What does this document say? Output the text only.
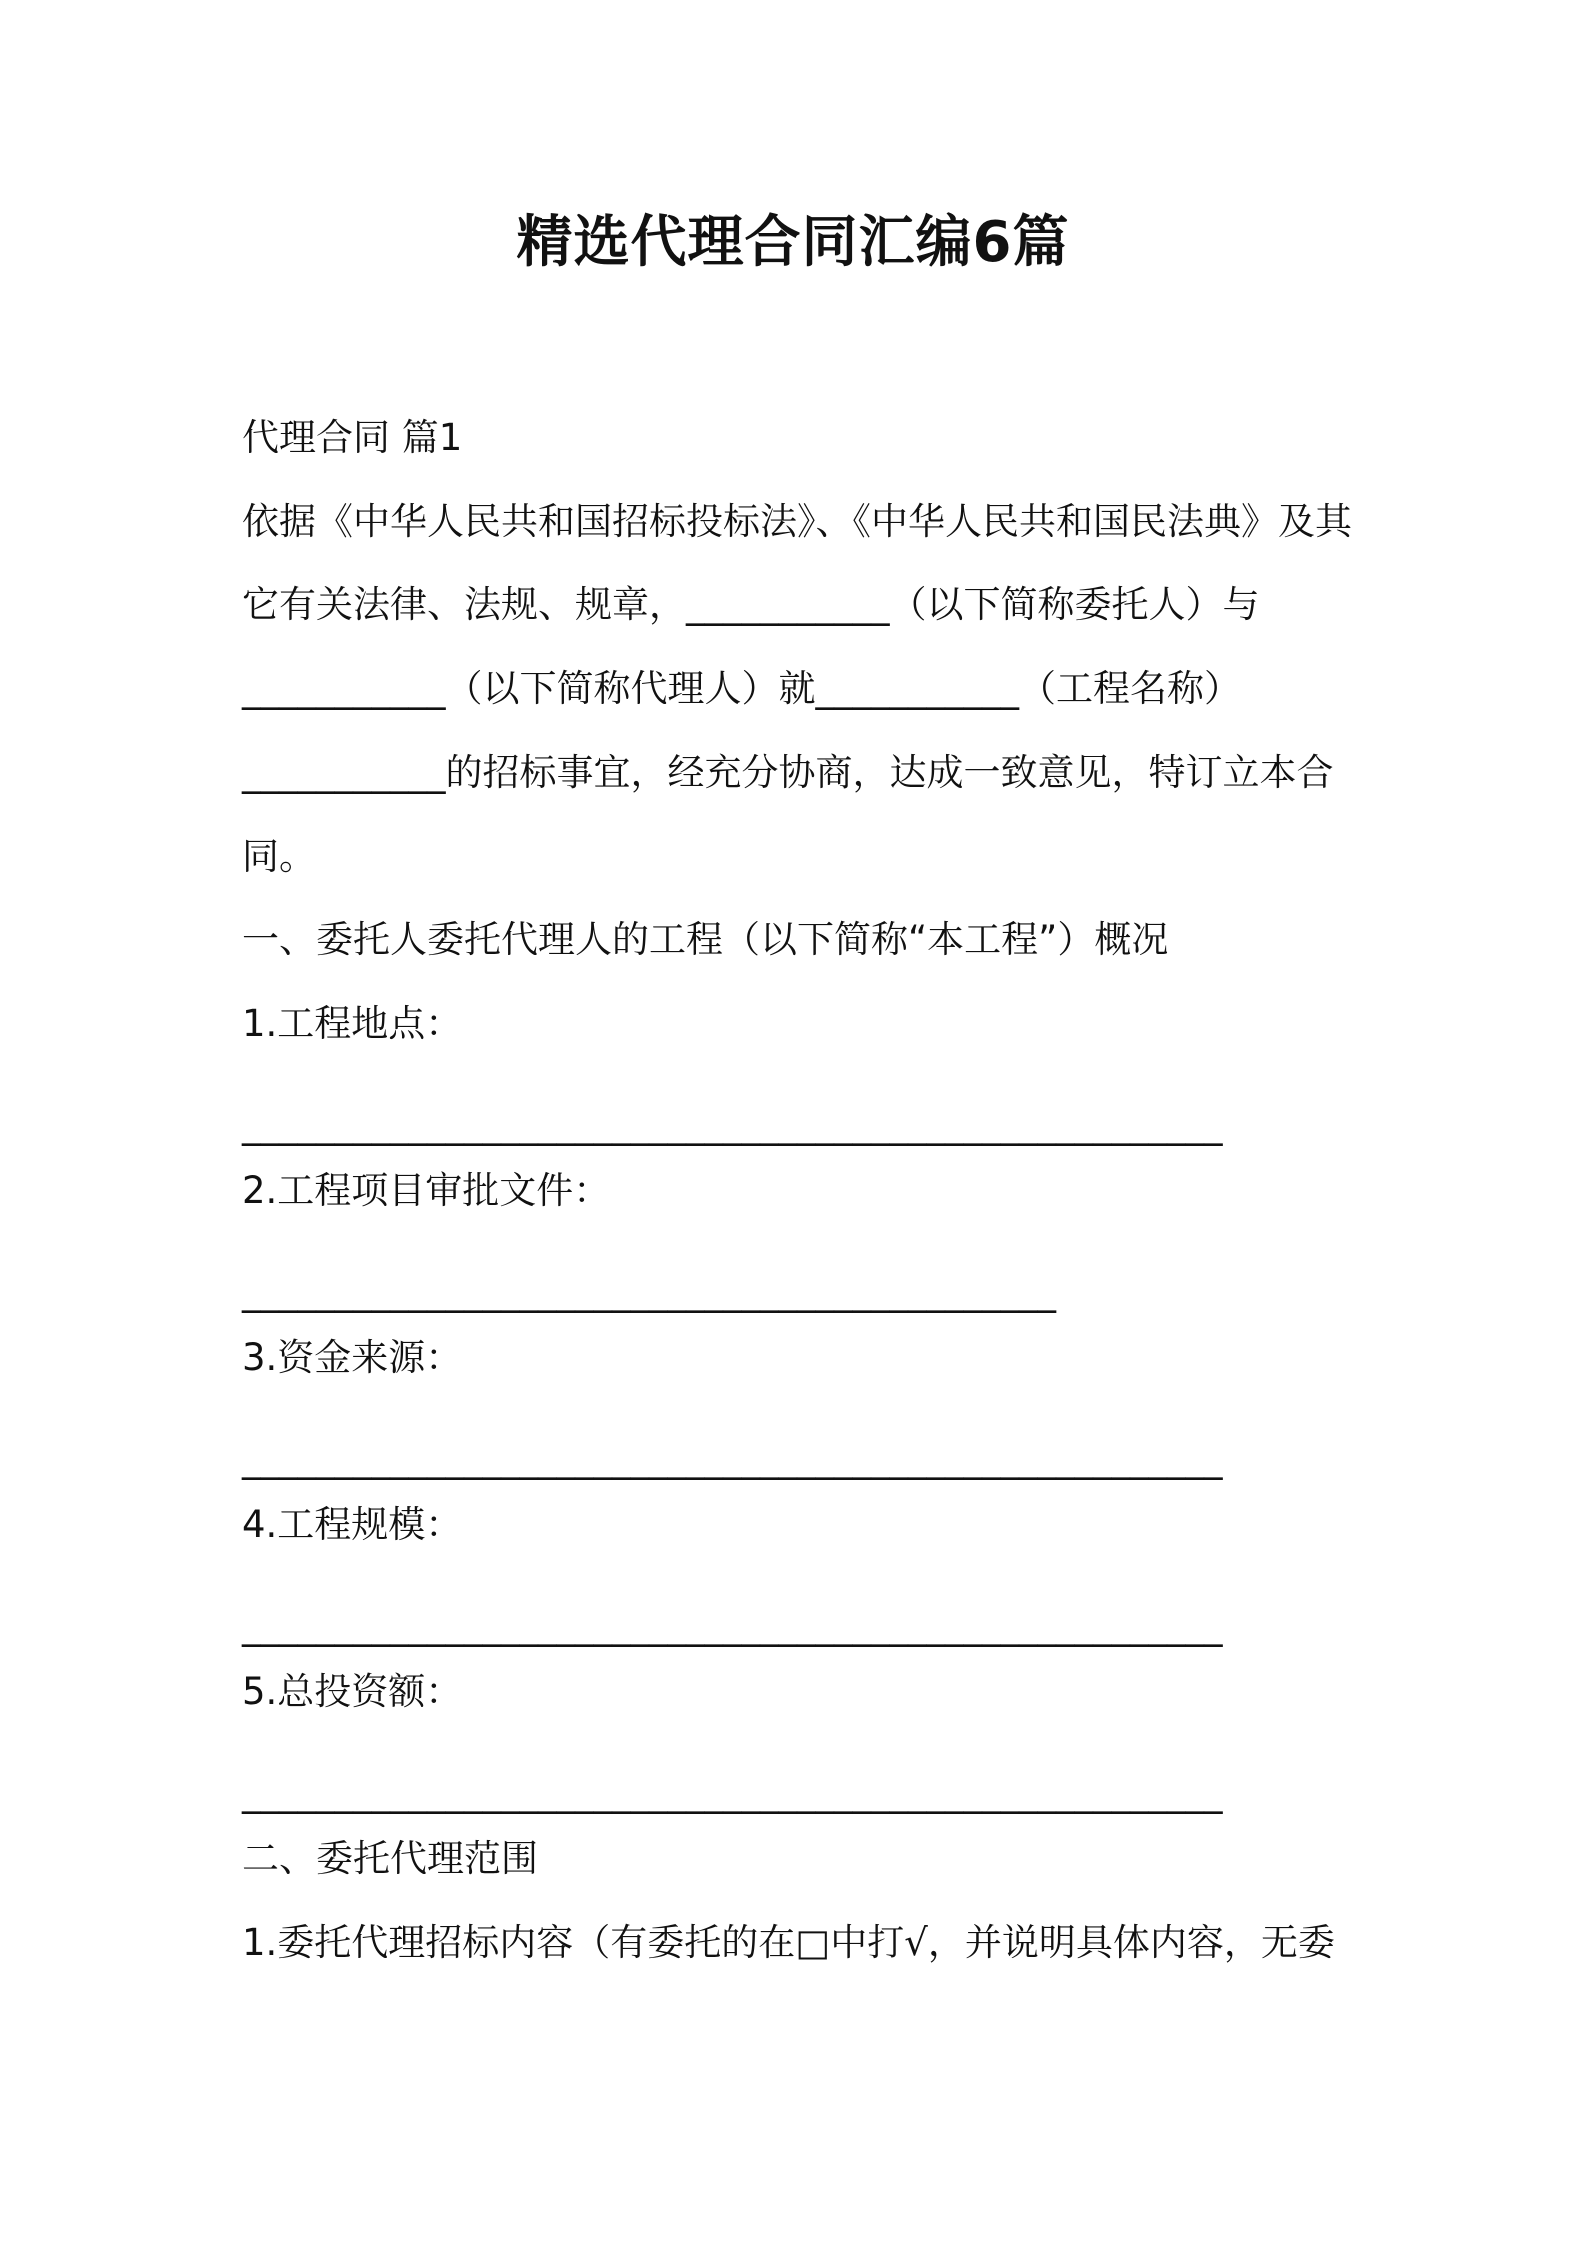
精选代理合同汇编6篇
代理合同 篇1
依据《中华人民共和国招标投标法》、《中华人民共和国民法典》及其
它有关法律、法规、规章，___________（以下简称委托人）与
___________（以下简称代理人）就___________（工程名称）
___________的招标事宜，经充分协商，达成一致意见，特订立本合
同。
一、委托人委托代理人的工程（以下简称“本工程”）概况
1.工程地点：
_____________________________________________________
2.工程项目审批文件：
____________________________________________
3.资金来源：
_____________________________________________________
4.工程规模：
_____________________________________________________
5.总投资额：
_____________________________________________________
二、委托代理范围
1.委托代理招标内容（有委托的在□中打√，并说明具体内容，无委
